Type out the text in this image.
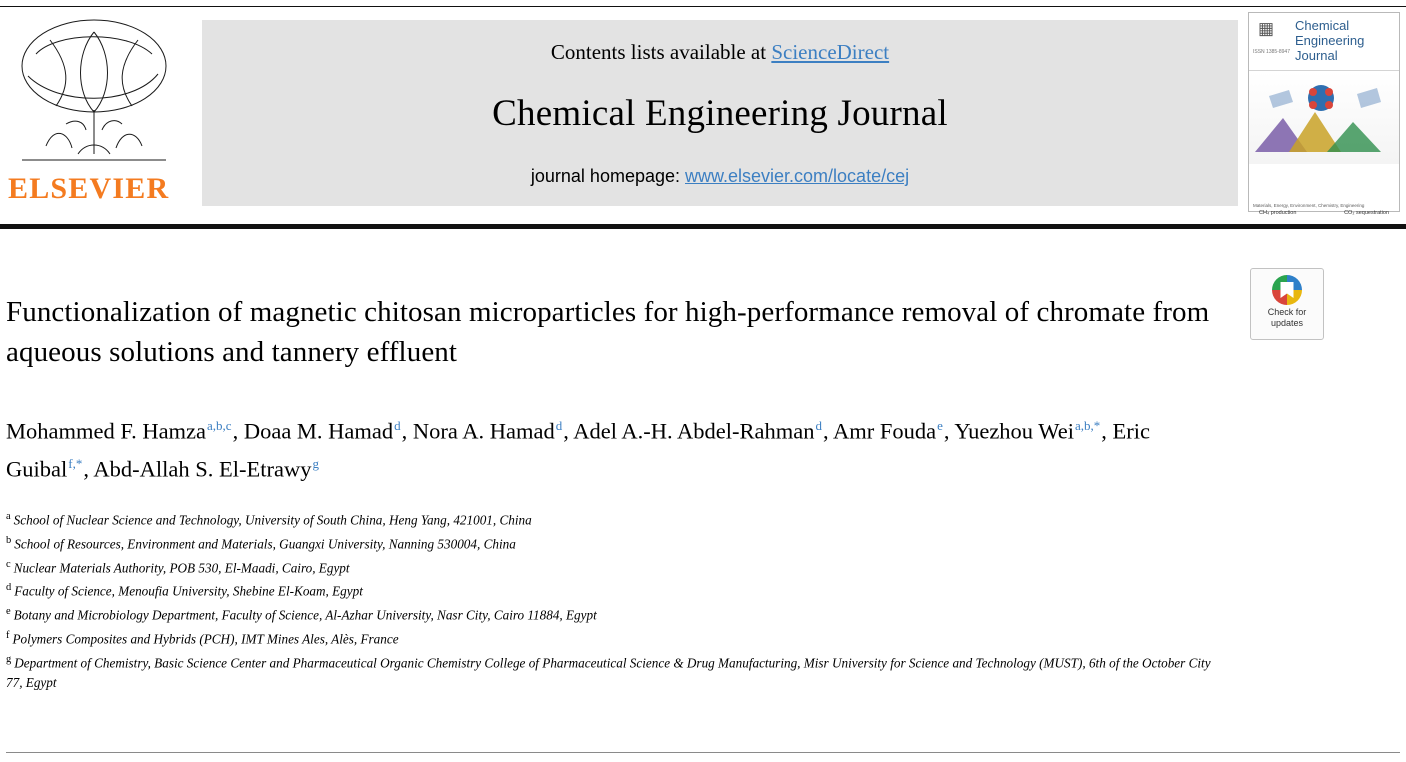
ELSEVIER
Contents lists available at ScienceDirect
Chemical Engineering Journal
journal homepage: www.elsevier.com/locate/cej
▦
ISSN 1385-8947
Chemical Engineering Journal
CH₄ production	CO₂ sequestration
Materials, Energy, Environment, Chemistry, Engineering
Check for
updates
Functionalization of magnetic chitosan microparticles for high-performance removal of chromate from aqueous solutions and tannery effluent
Mohammed F. Hamza$^{a,b,c}$, Doaa M. Hamad$^d$, Nora A. Hamad$^d$, Adel A.-H. Abdel-Rahman$^d$, Amr Fouda$^e$, Yuezhou Wei$^{a,b,*}$, Eric Guibal$^{f,*}$, Abd-Allah S. El-Etrawy$^g$
$^a$ School of Nuclear Science and Technology, University of South China, Heng Yang, 421001, China
$^b$ School of Resources, Environment and Materials, Guangxi University, Nanning 530004, China
$^c$ Nuclear Materials Authority, POB 530, El-Maadi, Cairo, Egypt
$^d$ Faculty of Science, Menoufia University, Shebine El-Koam, Egypt
$^e$ Botany and Microbiology Department, Faculty of Science, Al-Azhar University, Nasr City, Cairo 11884, Egypt
$^f$ Polymers Composites and Hybrids (PCH), IMT Mines Ales, Alès, France
$^g$ Department of Chemistry, Basic Science Center and Pharmaceutical Organic Chemistry College of Pharmaceutical Science & Drug Manufacturing, Misr University for Science and Technology (MUST), 6th of the October City 77, Egypt
